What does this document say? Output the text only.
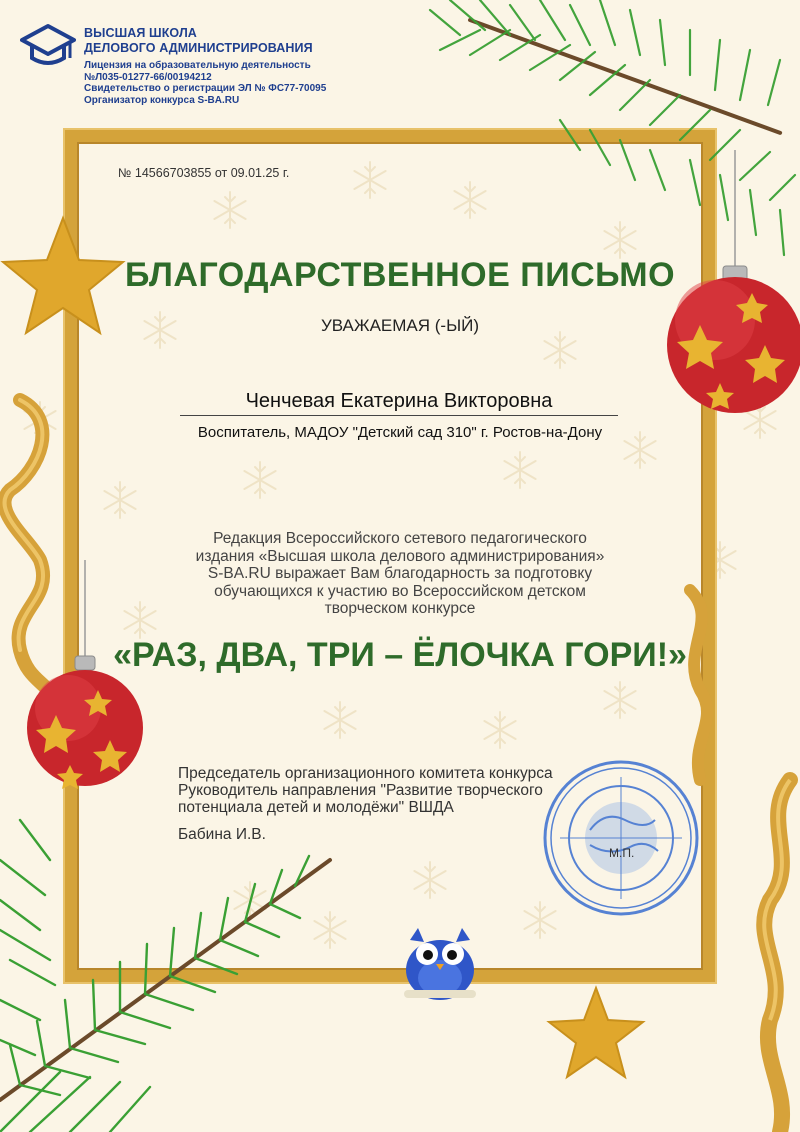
ВЫСШАЯ ШКОЛА
ДЕЛОВОГО АДМИНИСТРИРОВАНИЯ
Лицензия на образовательную деятельность
№Л035-01277-66/00194212
Свидетельство о регистрации ЭЛ № ФС77-70095
Организатор конкурса S-BA.RU
№ 14566703855 от 09.01.25 г.
БЛАГОДАРСТВЕННОЕ ПИСЬМО
УВАЖАЕМАЯ (-ЫЙ)
Ченчевая Екатерина Викторовна
Воспитатель, МАДОУ "Детский сад 310" г. Ростов-на-Дону
Редакция Всероссийского сетевого педагогического
издания «Высшая школа делового администрирования»
S-BA.RU выражает Вам благодарность за подготовку
обучающихся к участию во Всероссийском детском
творческом конкурсе
«РАЗ, ДВА, ТРИ – ЁЛОЧКА ГОРИ!»
Председатель организационного комитета конкурса
Руководитель направления "Развитие творческого
потенциала детей и молодёжи" ВШДА
Бабина И.В.
М.П.
